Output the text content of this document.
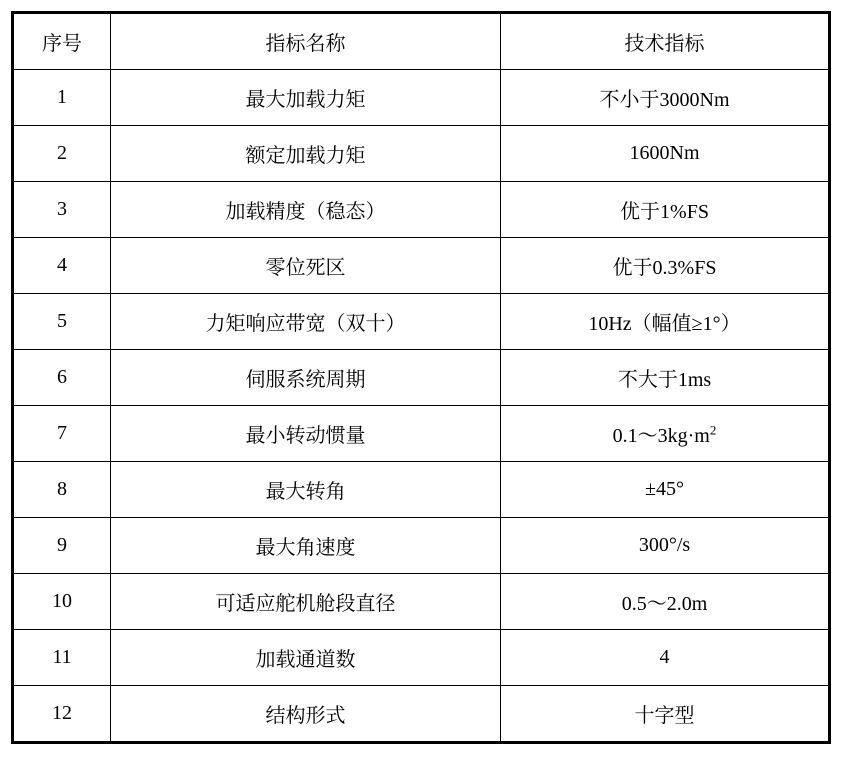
序号	指标名称	技术指标
1	最大加载力矩	不小于3000Nm
2	额定加载力矩	1600Nm
3	加载精度（稳态）	优于1%FS
4	零位死区	优于0.3%FS
5	力矩响应带宽（双十）	10Hz（幅值≥1°）
6	伺服系统周期	不大于1ms
7	最小转动惯量	$0.1\sim 3kg\cdot m^2$
8	最大转角	±45°
9	最大角速度	300°/s
10	可适应舵机舱段直径	0.5～2.0m
11	加载通道数	4
12	结构形式	十字型
